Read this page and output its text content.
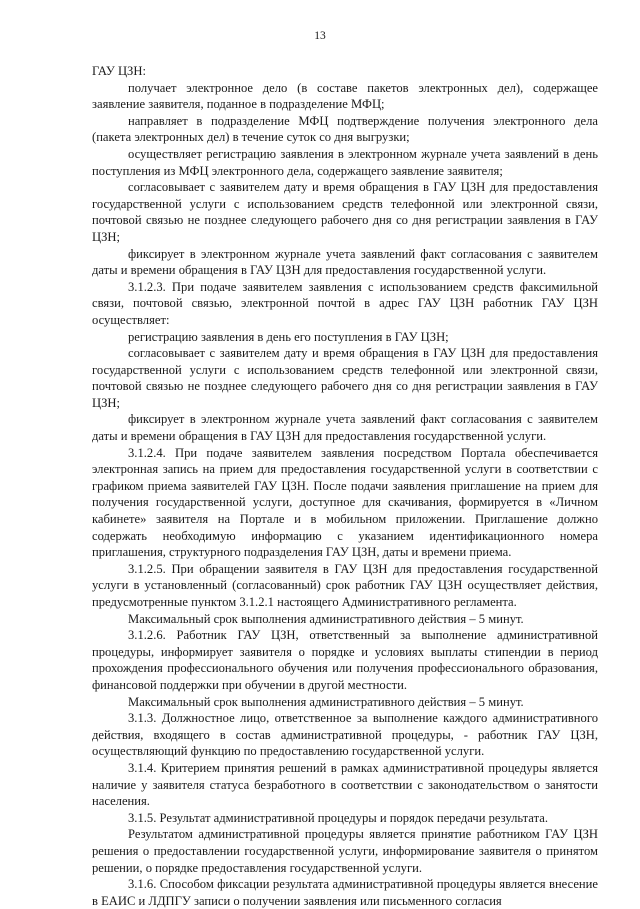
13

ГАУ ЦЗН:

получает электронное дело (в составе пакетов электронных дел), содержащее заявление заявителя, поданное в подразделение МФЦ;

направляет в подразделение МФЦ подтверждение получения электронного дела (пакета электронных дел) в течение суток со дня выгрузки;

осуществляет регистрацию заявления в электронном журнале учета заявлений в день поступления из МФЦ электронного дела, содержащего заявление заявителя;

согласовывает с заявителем дату и время обращения в ГАУ ЦЗН для предоставления государственной услуги с использованием средств телефонной или электронной связи, почтовой связью не позднее следующего рабочего дня со дня регистрации заявления в ГАУ ЦЗН;

фиксирует в электронном журнале учета заявлений факт согласования с заявителем даты и времени обращения в ГАУ ЦЗН для предоставления государственной услуги.

3.1.2.3. При подаче заявителем заявления с использованием средств факсимильной связи, почтовой связью, электронной почтой в адрес ГАУ ЦЗН работник ГАУ ЦЗН осуществляет:

регистрацию заявления в день его поступления в ГАУ ЦЗН;

согласовывает с заявителем дату и время обращения в ГАУ ЦЗН для предоставления государственной услуги с использованием средств телефонной или электронной связи, почтовой связью не позднее следующего рабочего дня со дня регистрации заявления в ГАУ ЦЗН;

фиксирует в электронном журнале учета заявлений факт согласования с заявителем даты и времени обращения в ГАУ ЦЗН для предоставления государственной услуги.

3.1.2.4. При подаче заявителем заявления посредством Портала обеспечивается электронная запись на прием для предоставления государственной услуги в соответствии с графиком приема заявителей ГАУ ЦЗН. После подачи заявления приглашение на прием для получения государственной услуги, доступное для скачивания, формируется в «Личном кабинете» заявителя на Портале и в мобильном приложении. Приглашение должно содержать необходимую информацию с указанием идентификационного номера приглашения, структурного подразделения ГАУ ЦЗН, даты и времени приема.

3.1.2.5. При обращении заявителя в ГАУ ЦЗН для предоставления государственной услуги в установленный (согласованный) срок работник ГАУ ЦЗН осуществляет действия, предусмотренные пунктом 3.1.2.1 настоящего Административного регламента.

Максимальный срок выполнения административного действия – 5 минут.

3.1.2.6. Работник ГАУ ЦЗН, ответственный за выполнение административной процедуры, информирует заявителя о порядке и условиях выплаты стипендии в период прохождения профессионального обучения или получения профессионального образования, финансовой поддержки при обучении в другой местности.

Максимальный срок выполнения административного действия – 5 минут.

3.1.3. Должностное лицо, ответственное за выполнение каждого административного действия, входящего в состав административной процедуры, - работник ГАУ ЦЗН, осуществляющий функцию по предоставлению государственной услуги.

3.1.4. Критерием принятия решений в рамках административной процедуры является наличие у заявителя статуса безработного в соответствии с законодательством о занятости населения.

3.1.5. Результат административной процедуры и порядок передачи результата.

Результатом административной процедуры является принятие работником ГАУ ЦЗН решения о предоставлении государственной услуги, информирование заявителя о принятом решении, о порядке предоставления государственной услуги.

3.1.6. Способом фиксации результата административной процедуры является внесение в ЕАИС и ЛДПГУ записи о получении заявления или письменного согласия
